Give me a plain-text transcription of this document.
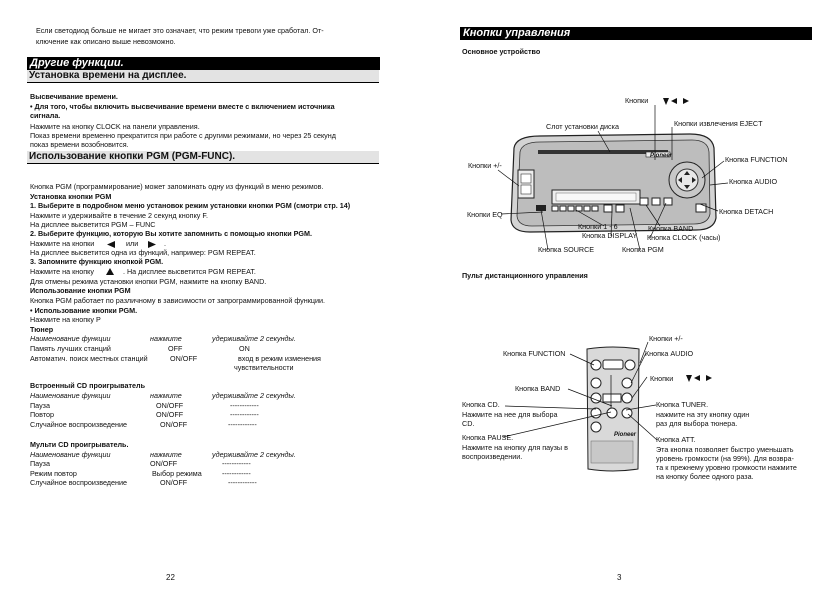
Если светодиод больше не мигает это означает, что режим тревоги уже сработал. От-
ключение как описано выше невозможно.
Другие функции.
Установка времени на дисплее.
Высвечивание времени.
• Для того, чтобы включить высвечивание времени вместе с включением источника
сигнала.
Нажмите на кнопку CLOCK на панели управления.
Показ времени временно прекратится при работе с другими режимами, но через 25 секунд
показ времени возобновится.
Использование кнопки PGM (PGM-FUNC).
Кнопка PGM (программирование) может запоминать одну из функций в меню режимов.
Установка кнопки PGM
1. Выберите в подробном меню установок режим установки кнопки PGM (смотри стр. 14)
Нажмите и удерживайте в течение 2 секунд кнопку F.
На дисплее высветится PGM – FUNC
2. Выберите функцию, которую Вы хотите запомнить с помощью кнопки PGM.
Нажмите на кнопки	или	.
На дисплее высветится одна из функций, например: PGM REPEAT.
3. Запомните функцию кнопкой PGM.
Нажмите на кнопку	. На дисплее высветится PGM REPEAT.
Для отмены режима установки кнопки PGM, нажмите на кнопку BAND.
Использование кнопки PGM
Кнопка PGM работает по различному в зависимости от запрограммированной функции.
• Использование кнопки PGM.
Нажмите на кнопку Р
Тюнер
Наименование функции	нажмите	удерживайте 2 секунды.
Память лучших станций	OFF	ON
Автоматич. поиск местных станций	ON/OFF	вход в режим изменения
чувствительности
Встроенный CD проигрыватель
Наименование функции	нажмите	удерживайте 2 секунды.
Пауза	ON/OFF	------------
Повтор	ON/OFF	------------
Случайное воспроизведение	ON/OFF	------------
Мульти CD проигрыватель.
Наименование функции	нажмите	удерживайте 2 секунды.
Пауза	ON/OFF	------------
Режим повтор	Выбор режима	------------
Случайное воспроизведение	ON/OFF	------------
22
Кнопки управления
Основное устройство
Pioneer
Кнопки
Слот установки диска	Кнопки извлечения EJECT
Кнопки +/-
Кнопка FUNCTION
Кнопка AUDIO
Кнопки EQ	Кнопка DETACH
Кнопки 1 - 6
Кнопка DISPLAY
Кнопка BAND
Кнопка CLOCK (часы)
Кнопка SOURCE	Кнопка PGM
Пульт дистанционного управления
Pioneer
Кнопки +/-
Кнопка FUNCTION	Кнопка AUDIO
Кнопки
Кнопка BAND
Кнопка CD.
Нажмите на нее для выбора
CD.
Кнопка PAUSE.
Нажмите на кнопку для паузы в
воспроизведении.
Кнопка TUNER.
нажмите на эту кнопку один
раз для выбора тюнера.
Кнопка ATT.
Эта кнопка позволяет быстро уменьшать
уровень громкости (на 99%). Для возвра-
та к прежнему уровню громкости нажмите
на кнопку более одного раза.
3
